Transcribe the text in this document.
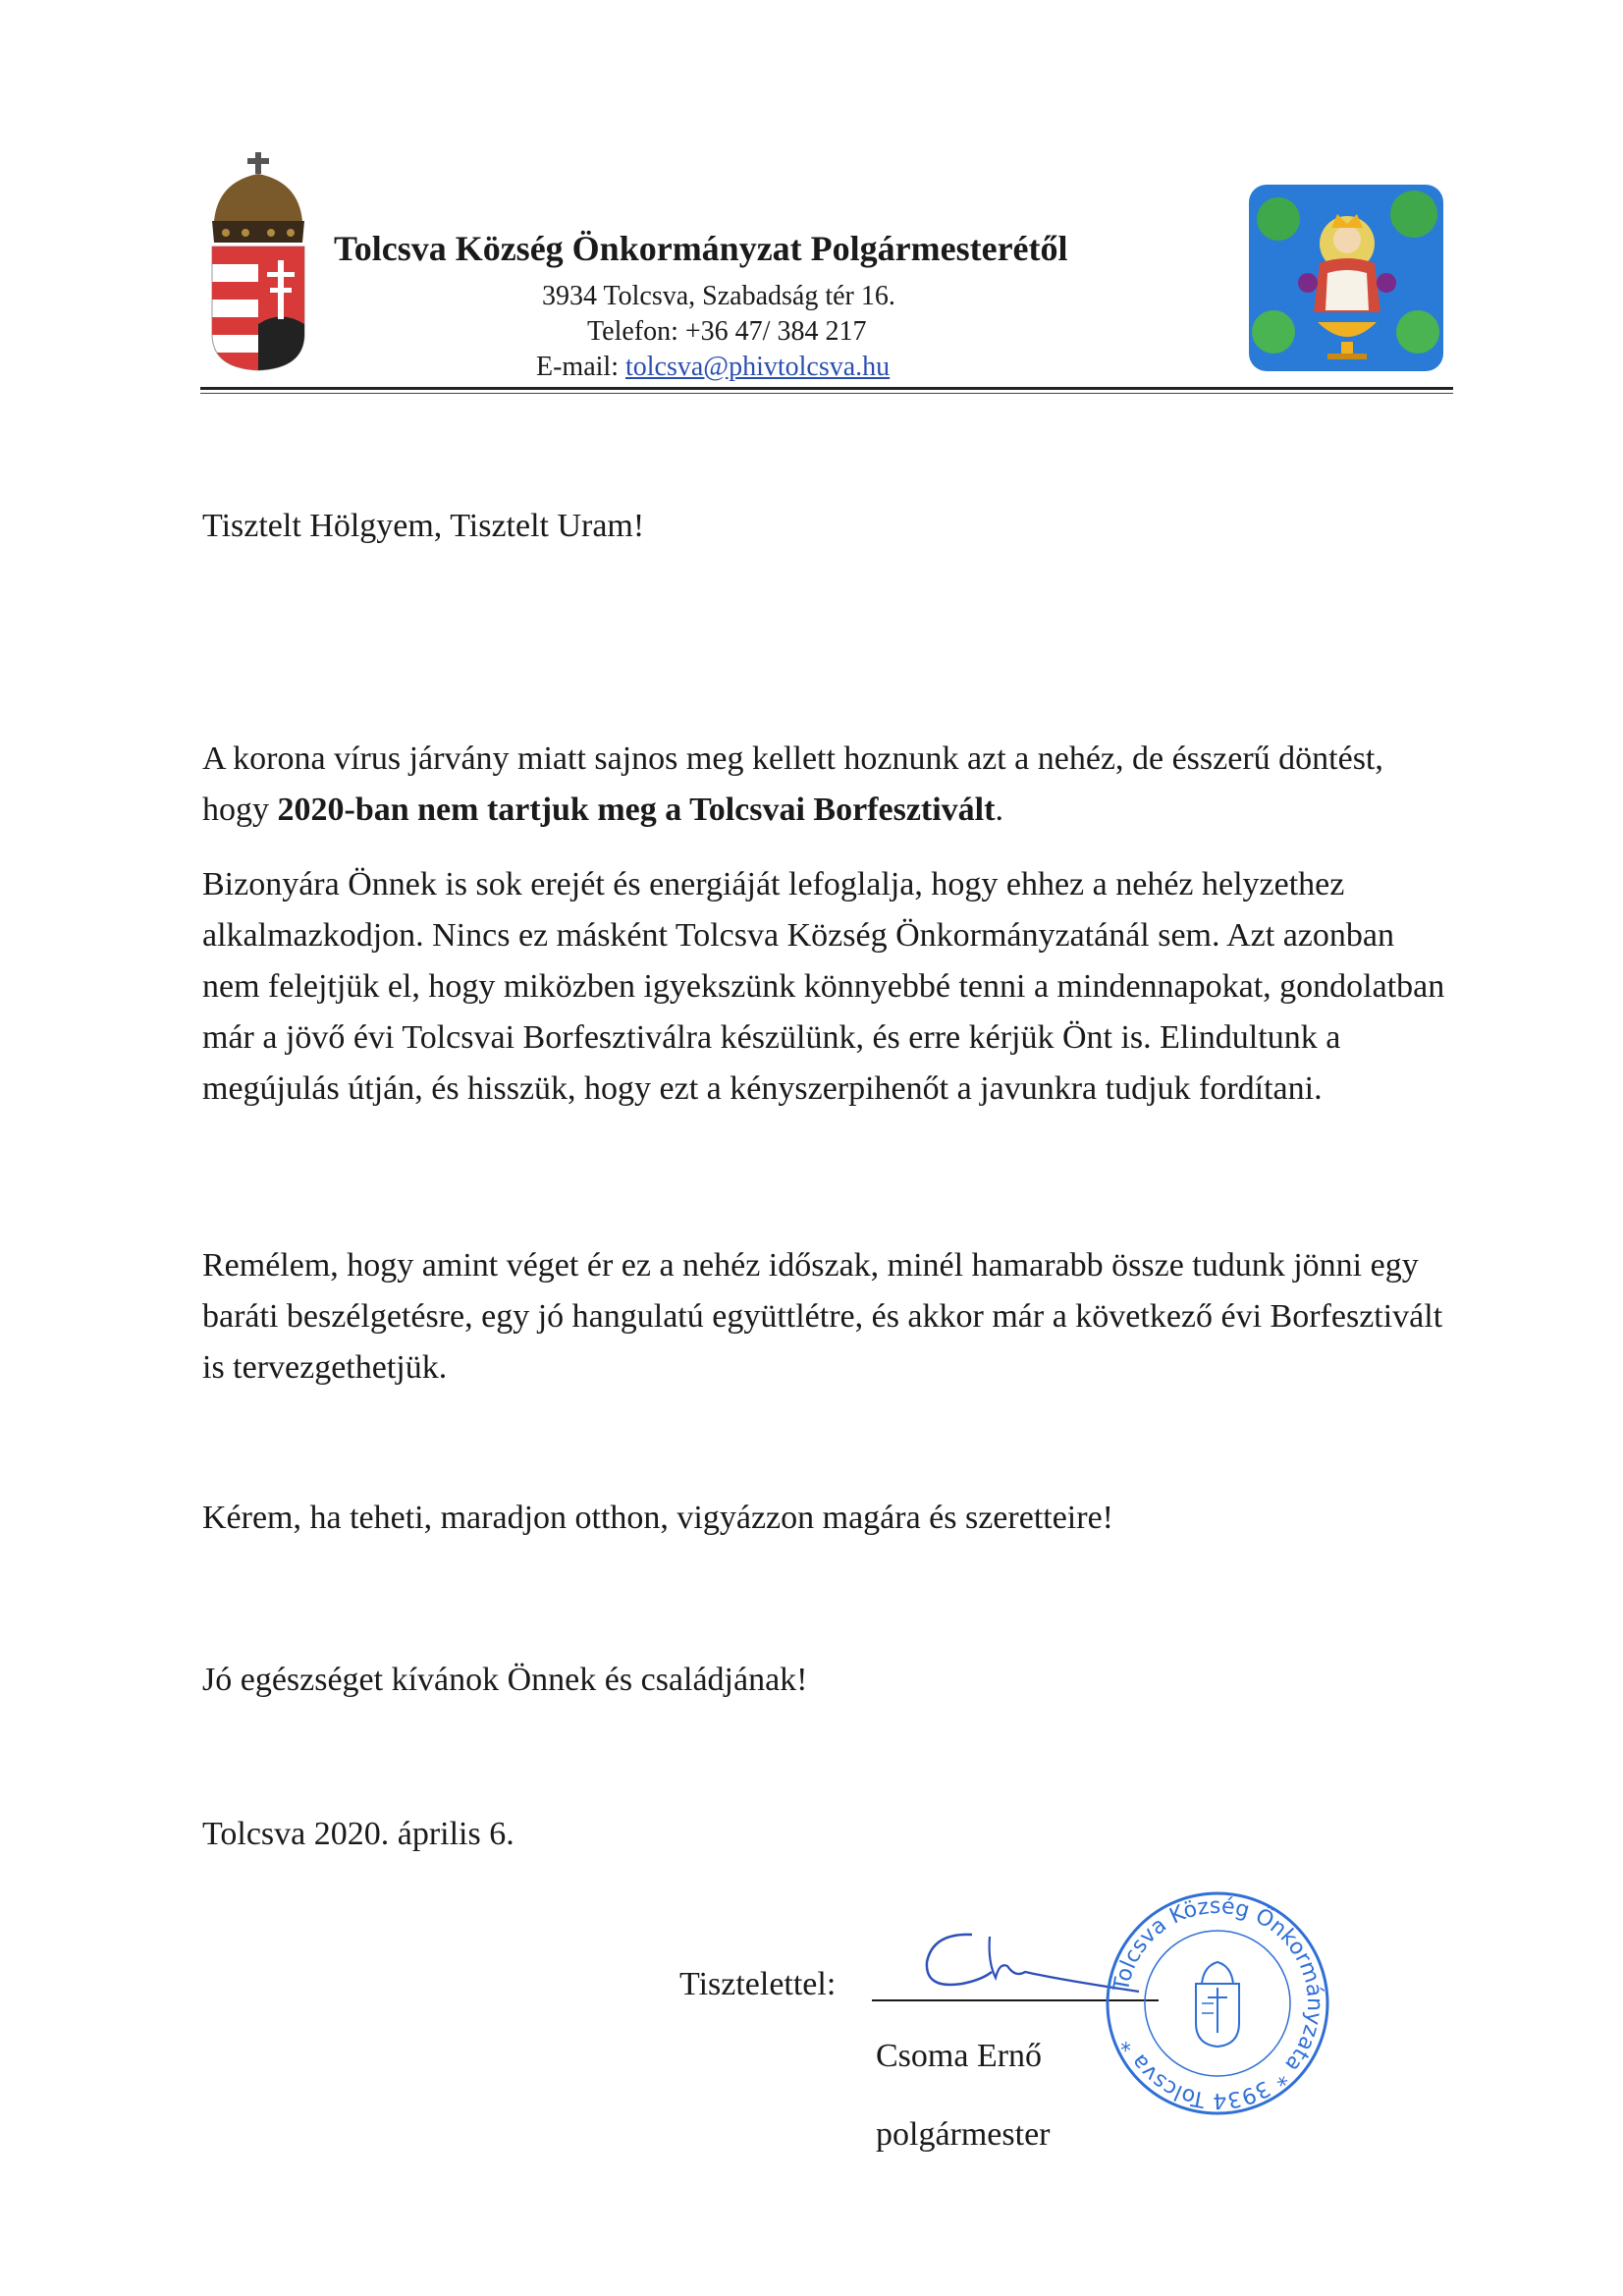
Tolcsva Község Önkormányzat Polgármesterétől
3934 Tolcsva, Szabadság tér 16.
Telefon: +36 47/ 384 217
E-mail: tolcsva@phivtolcsva.hu
Tisztelt Hölgyem, Tisztelt Uram!
A korona vírus járvány miatt sajnos meg kellett hoznunk azt a nehéz, de ésszerű döntést, hogy 2020-ban nem tartjuk meg a Tolcsvai Borfesztivált.
Bizonyára Önnek is sok erejét és energiáját lefoglalja, hogy ehhez a nehéz helyzethez alkalmazkodjon. Nincs ez másként Tolcsva Község Önkormányzatánál sem. Azt azonban nem felejtjük el, hogy miközben igyekszünk könnyebbé tenni a mindennapokat, gondolatban már a jövő évi Tolcsvai Borfesztiválra készülünk, és erre kérjük Önt is. Elindultunk a megújulás útján, és hisszük, hogy ezt a kényszerpihenőt a javunkra tudjuk fordítani.
Remélem, hogy amint véget ér ez a nehéz időszak, minél hamarabb össze tudunk jönni egy baráti beszélgetésre, egy jó hangulatú együttlétre, és akkor már a következő évi Borfesztivált is tervezgethetjük.
Kérem, ha teheti, maradjon otthon, vigyázzon magára és szeretteire!
Jó egészséget kívánok Önnek és családjának!
Tolcsva 2020. április 6.
Tisztelettel:
Csoma Ernő
polgármester
Tolcsva Község Önkormányzata * 3934 Tolcsva *
